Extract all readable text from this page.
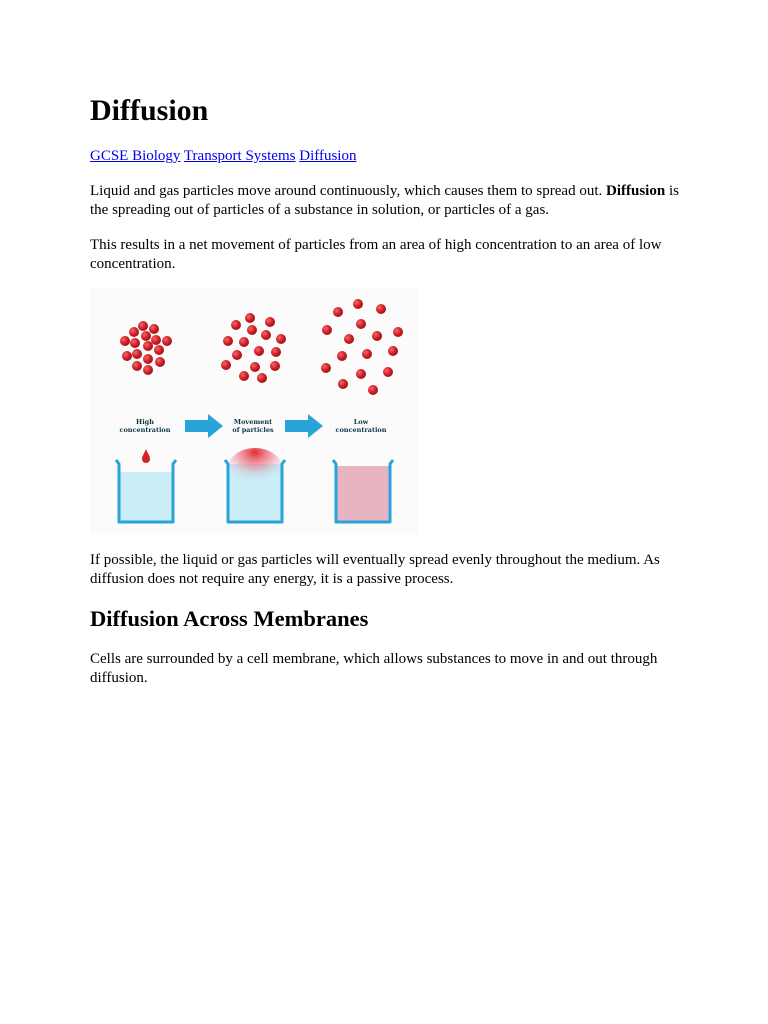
Diffusion
GCSE Biology Transport Systems Diffusion

Liquid and gas particles move around continuously, which causes them to spread out. Diffusion is the spreading out of particles of a substance in solution, or particles of a gas.

This results in a net movement of particles from an area of high concentration to an area of low concentration.

High
concentration
Movement
of particles
Low
concentration

If possible, the liquid or gas particles will eventually spread evenly throughout the medium. As diffusion does not require any energy, it is a passive process.

Diffusion Across Membranes

Cells are surrounded by a cell membrane, which allows substances to move in and out through diffusion.
